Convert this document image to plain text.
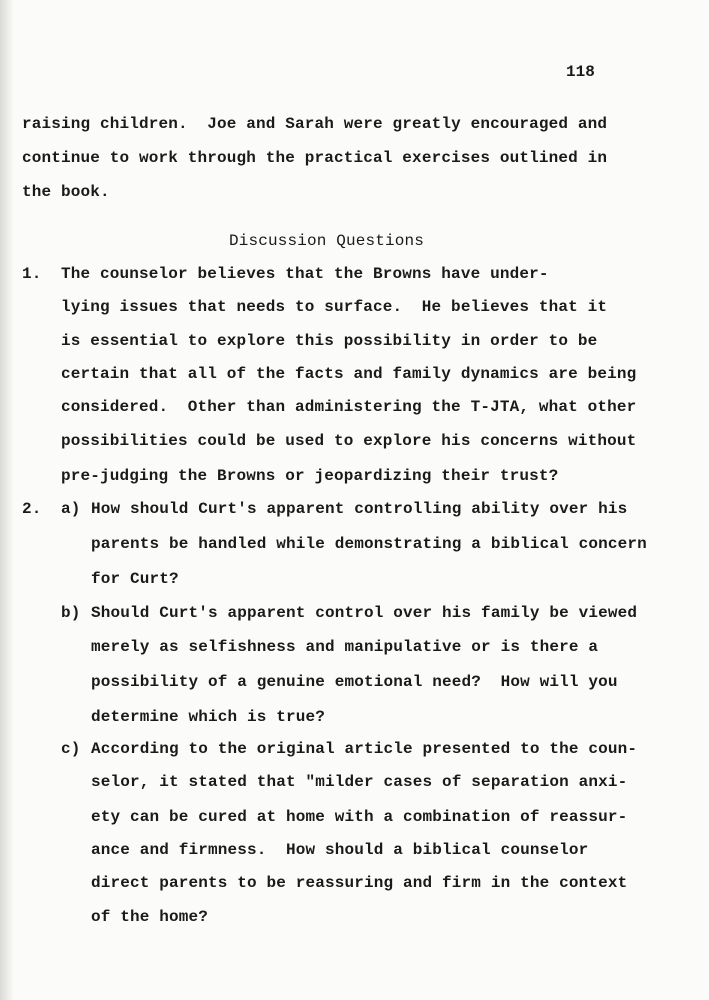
118
raising children.  Joe and Sarah were greatly encouraged and
continue to work through the practical exercises outlined in
the book.
Discussion Questions
1. The counselor believes that the Browns have under-
lying issues that needs to surface.  He believes that it
is essential to explore this possibility in order to be
certain that all of the facts and family dynamics are being
considered.  Other than administering the T-JTA, what other
possibilities could be used to explore his concerns without
pre-judging the Browns or jeopardizing their trust?
2. a) How should Curt's apparent controlling ability over his
parents be handled while demonstrating a biblical concern
for Curt?
b) Should Curt's apparent control over his family be viewed
merely as selfishness and manipulative or is there a
possibility of a genuine emotional need?  How will you
determine which is true?
c) According to the original article presented to the coun-
selor, it stated that "milder cases of separation anxi-
ety can be cured at home with a combination of reassur-
ance and firmness.  How should a biblical counselor
direct parents to be reassuring and firm in the context
of the home?
